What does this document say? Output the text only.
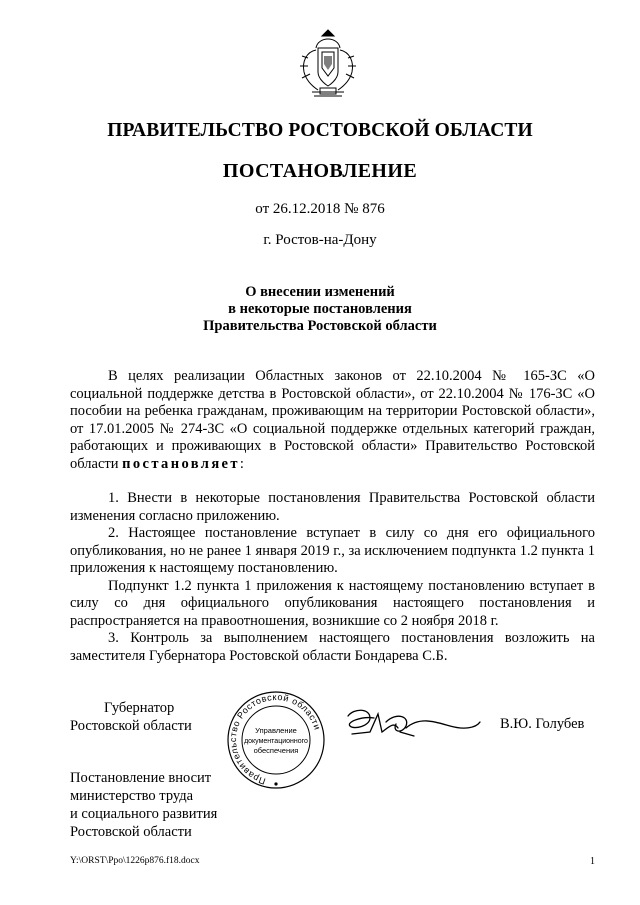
ПРАВИТЕЛЬСТВО РОСТОВСКОЙ ОБЛАСТИ
ПОСТАНОВЛЕНИЕ
от 26.12.2018 № 876
г. Ростов-на-Дону
О внесении изменений
в некоторые постановления
Правительства Ростовской области

В целях реализации Областных законов от 22.10.2004 № 165-ЗС «О социальной поддержке детства в Ростовской области», от 22.10.2004 № 176-ЗС «О пособии на ребенка гражданам, проживающим на территории Ростовской области», от 17.01.2005 № 274-ЗС «О социальной поддержке отдельных категорий граждан, работающих и проживающих в Ростовской области» Правительство Ростовской области постановляет:

1. Внести в некоторые постановления Правительства Ростовской области изменения согласно приложению.

2. Настоящее постановление вступает в силу со дня его официального опубликования, но не ранее 1 января 2019 г., за исключением подпункта 1.2 пункта 1 приложения к настоящему постановлению.

Подпункт 1.2 пункта 1 приложения к настоящему постановлению вступает в силу со дня официального опубликования настоящего постановления и распространяется на правоотношения, возникшие со 2 ноября 2018 г.

3. Контроль за выполнением настоящего постановления возложить на заместителя Губернатора Ростовской области Бондарева С.Б.

Губернатор
Ростовской области
Правительство Ростовской области
Управление
документационного
обеспечения
В.Ю. Голубев
Постановление вносит
министерство труда
и социального развития
Ростовской области
Y:\ORST\Ppo\1226p876.f18.docx	1
